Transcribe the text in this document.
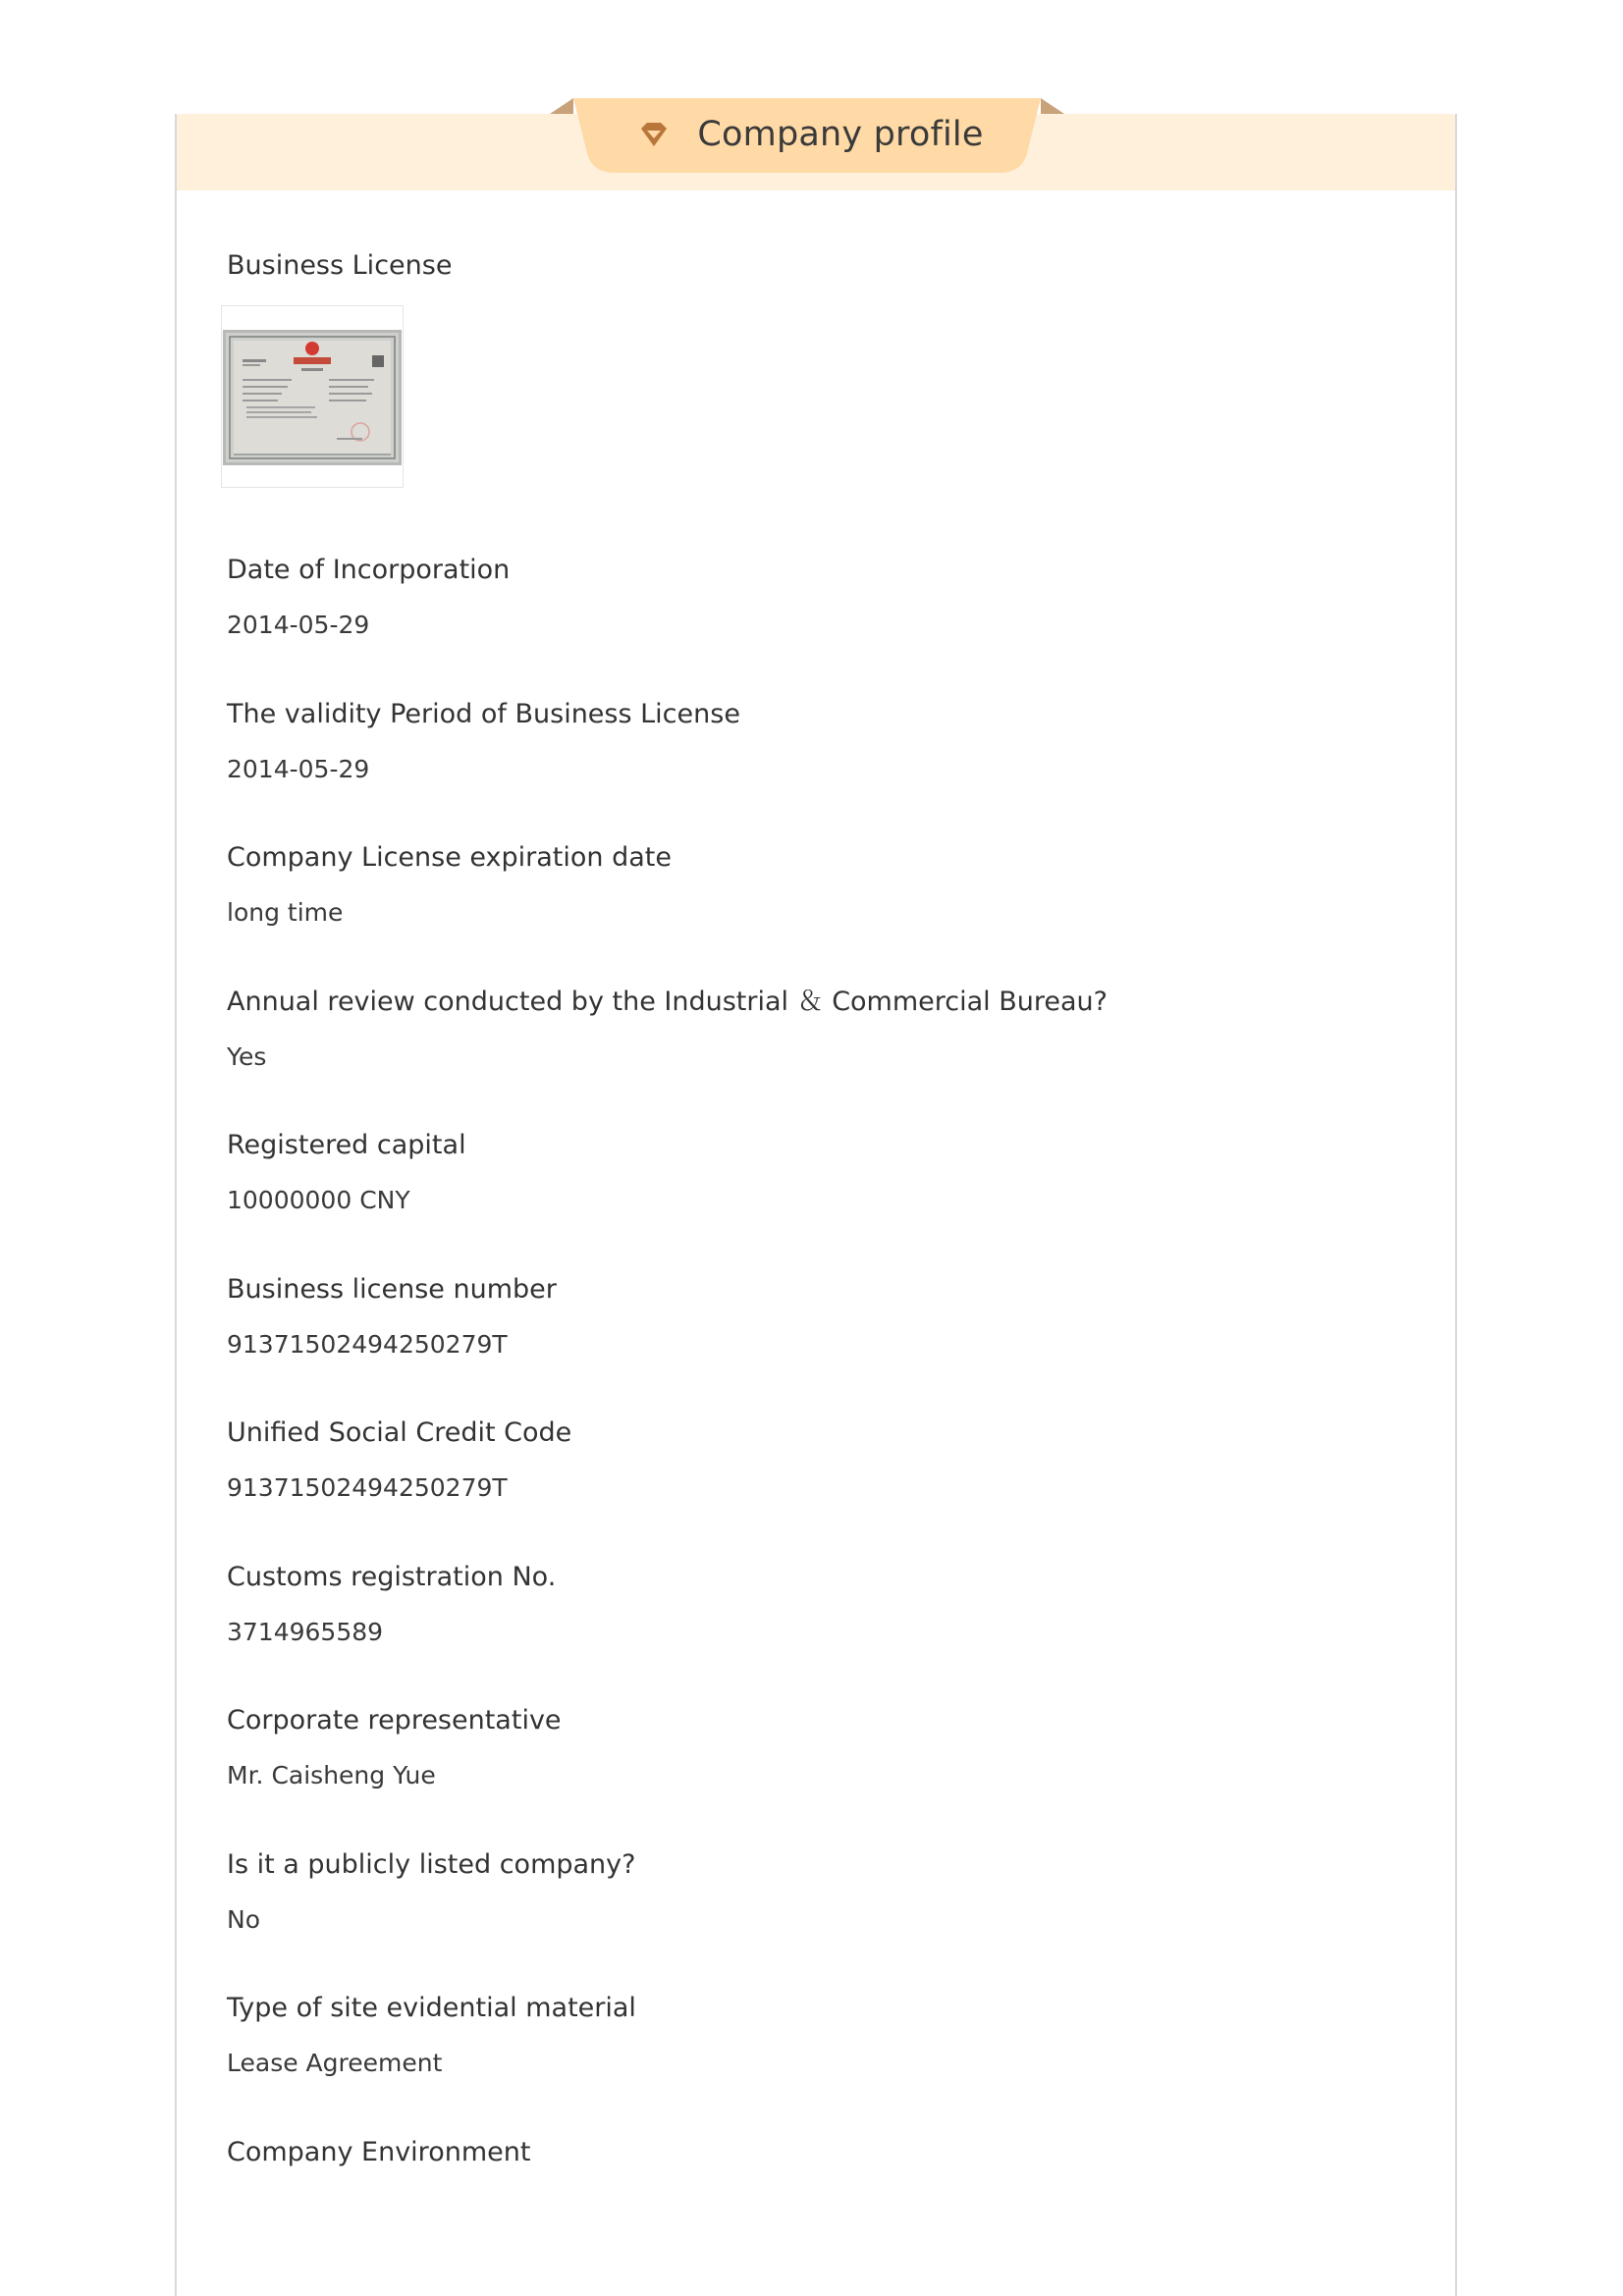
Company profile
Business License
Date of Incorporation
2014-05-29
The validity Period of Business License
2014-05-29
Company License expiration date
long time
Annual review conducted by the Industrial ＆ Commercial Bureau?
Yes
Registered capital
10000000 CNY
Business license number
91371502494250279T
Unified Social Credit Code
91371502494250279T
Customs registration No.
3714965589
Corporate representative
Mr. Caisheng Yue
Is it a publicly listed company?
No
Type of site evidential material
Lease Agreement
Company Environment
